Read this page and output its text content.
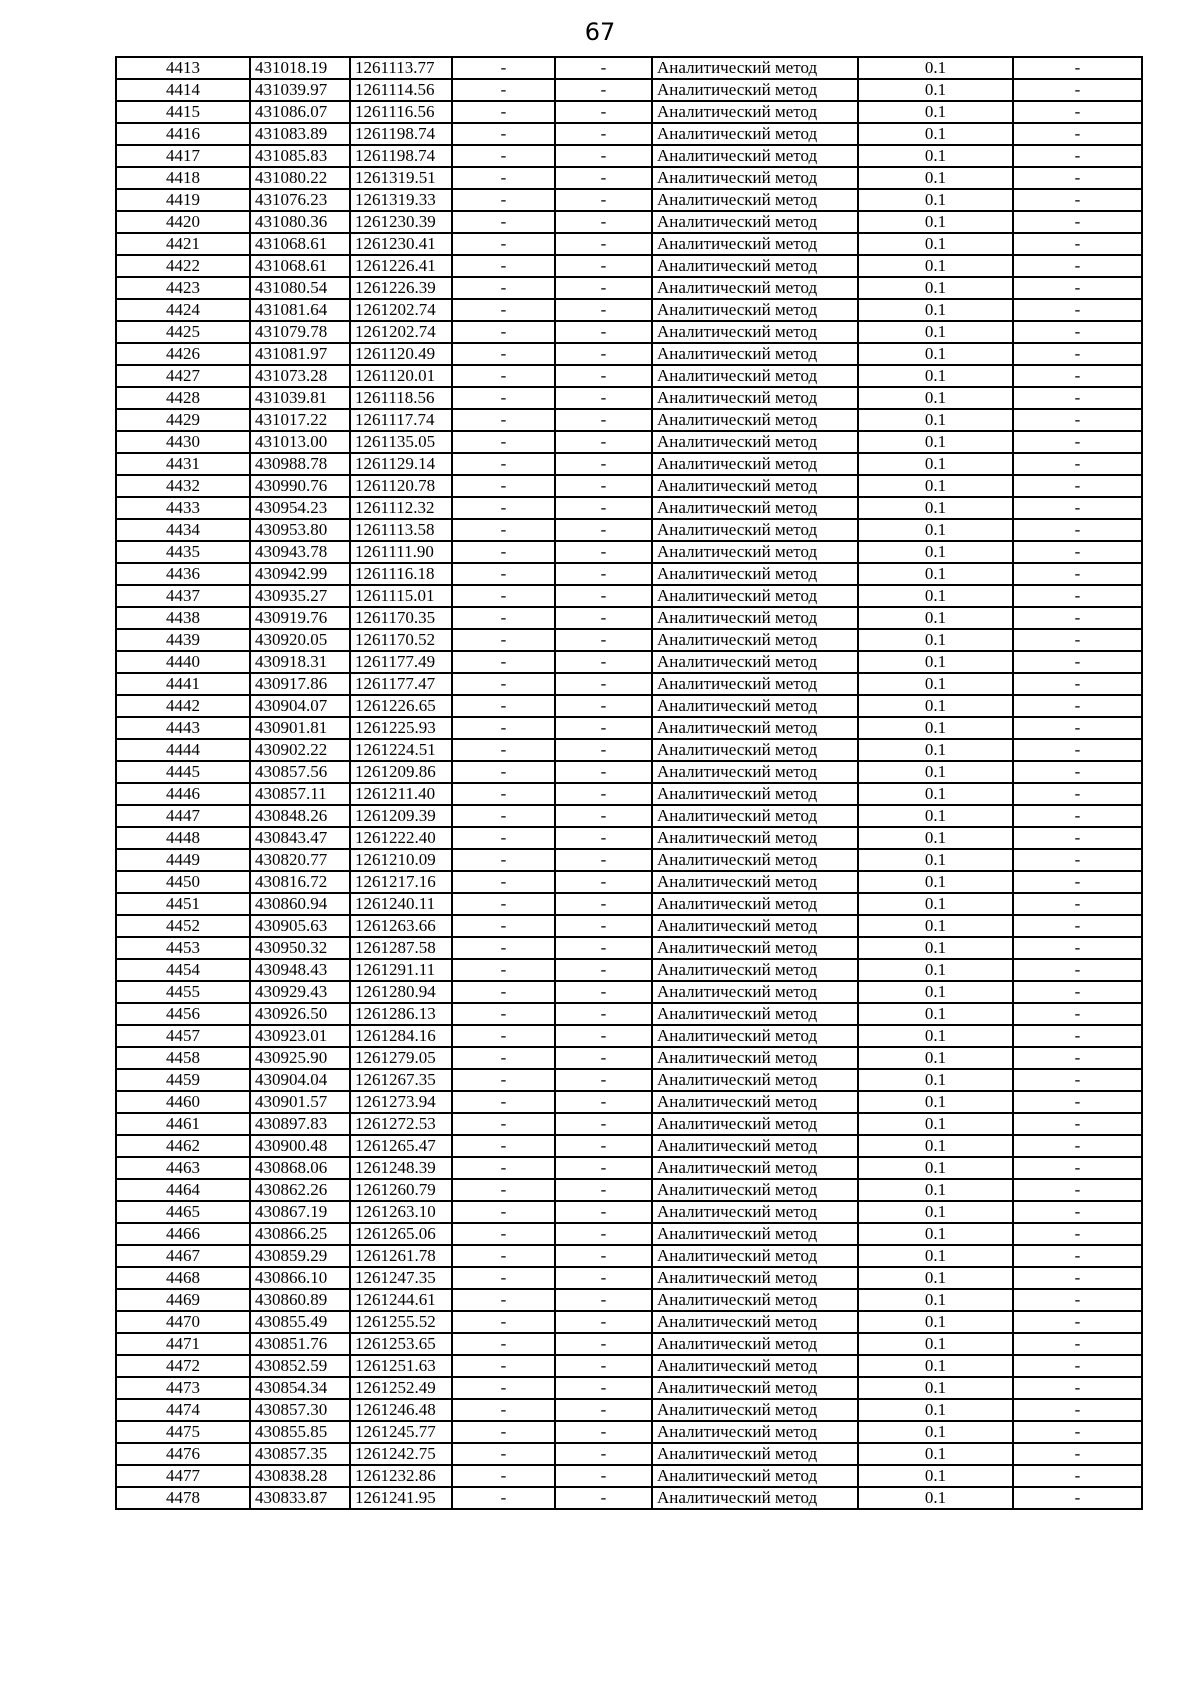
67
4413	431018.19	1261113.77	-	-	Аналитический метод	0.1	-
4414	431039.97	1261114.56	-	-	Аналитический метод	0.1	-
4415	431086.07	1261116.56	-	-	Аналитический метод	0.1	-
4416	431083.89	1261198.74	-	-	Аналитический метод	0.1	-
4417	431085.83	1261198.74	-	-	Аналитический метод	0.1	-
4418	431080.22	1261319.51	-	-	Аналитический метод	0.1	-
4419	431076.23	1261319.33	-	-	Аналитический метод	0.1	-
4420	431080.36	1261230.39	-	-	Аналитический метод	0.1	-
4421	431068.61	1261230.41	-	-	Аналитический метод	0.1	-
4422	431068.61	1261226.41	-	-	Аналитический метод	0.1	-
4423	431080.54	1261226.39	-	-	Аналитический метод	0.1	-
4424	431081.64	1261202.74	-	-	Аналитический метод	0.1	-
4425	431079.78	1261202.74	-	-	Аналитический метод	0.1	-
4426	431081.97	1261120.49	-	-	Аналитический метод	0.1	-
4427	431073.28	1261120.01	-	-	Аналитический метод	0.1	-
4428	431039.81	1261118.56	-	-	Аналитический метод	0.1	-
4429	431017.22	1261117.74	-	-	Аналитический метод	0.1	-
4430	431013.00	1261135.05	-	-	Аналитический метод	0.1	-
4431	430988.78	1261129.14	-	-	Аналитический метод	0.1	-
4432	430990.76	1261120.78	-	-	Аналитический метод	0.1	-
4433	430954.23	1261112.32	-	-	Аналитический метод	0.1	-
4434	430953.80	1261113.58	-	-	Аналитический метод	0.1	-
4435	430943.78	1261111.90	-	-	Аналитический метод	0.1	-
4436	430942.99	1261116.18	-	-	Аналитический метод	0.1	-
4437	430935.27	1261115.01	-	-	Аналитический метод	0.1	-
4438	430919.76	1261170.35	-	-	Аналитический метод	0.1	-
4439	430920.05	1261170.52	-	-	Аналитический метод	0.1	-
4440	430918.31	1261177.49	-	-	Аналитический метод	0.1	-
4441	430917.86	1261177.47	-	-	Аналитический метод	0.1	-
4442	430904.07	1261226.65	-	-	Аналитический метод	0.1	-
4443	430901.81	1261225.93	-	-	Аналитический метод	0.1	-
4444	430902.22	1261224.51	-	-	Аналитический метод	0.1	-
4445	430857.56	1261209.86	-	-	Аналитический метод	0.1	-
4446	430857.11	1261211.40	-	-	Аналитический метод	0.1	-
4447	430848.26	1261209.39	-	-	Аналитический метод	0.1	-
4448	430843.47	1261222.40	-	-	Аналитический метод	0.1	-
4449	430820.77	1261210.09	-	-	Аналитический метод	0.1	-
4450	430816.72	1261217.16	-	-	Аналитический метод	0.1	-
4451	430860.94	1261240.11	-	-	Аналитический метод	0.1	-
4452	430905.63	1261263.66	-	-	Аналитический метод	0.1	-
4453	430950.32	1261287.58	-	-	Аналитический метод	0.1	-
4454	430948.43	1261291.11	-	-	Аналитический метод	0.1	-
4455	430929.43	1261280.94	-	-	Аналитический метод	0.1	-
4456	430926.50	1261286.13	-	-	Аналитический метод	0.1	-
4457	430923.01	1261284.16	-	-	Аналитический метод	0.1	-
4458	430925.90	1261279.05	-	-	Аналитический метод	0.1	-
4459	430904.04	1261267.35	-	-	Аналитический метод	0.1	-
4460	430901.57	1261273.94	-	-	Аналитический метод	0.1	-
4461	430897.83	1261272.53	-	-	Аналитический метод	0.1	-
4462	430900.48	1261265.47	-	-	Аналитический метод	0.1	-
4463	430868.06	1261248.39	-	-	Аналитический метод	0.1	-
4464	430862.26	1261260.79	-	-	Аналитический метод	0.1	-
4465	430867.19	1261263.10	-	-	Аналитический метод	0.1	-
4466	430866.25	1261265.06	-	-	Аналитический метод	0.1	-
4467	430859.29	1261261.78	-	-	Аналитический метод	0.1	-
4468	430866.10	1261247.35	-	-	Аналитический метод	0.1	-
4469	430860.89	1261244.61	-	-	Аналитический метод	0.1	-
4470	430855.49	1261255.52	-	-	Аналитический метод	0.1	-
4471	430851.76	1261253.65	-	-	Аналитический метод	0.1	-
4472	430852.59	1261251.63	-	-	Аналитический метод	0.1	-
4473	430854.34	1261252.49	-	-	Аналитический метод	0.1	-
4474	430857.30	1261246.48	-	-	Аналитический метод	0.1	-
4475	430855.85	1261245.77	-	-	Аналитический метод	0.1	-
4476	430857.35	1261242.75	-	-	Аналитический метод	0.1	-
4477	430838.28	1261232.86	-	-	Аналитический метод	0.1	-
4478	430833.87	1261241.95	-	-	Аналитический метод	0.1	-
